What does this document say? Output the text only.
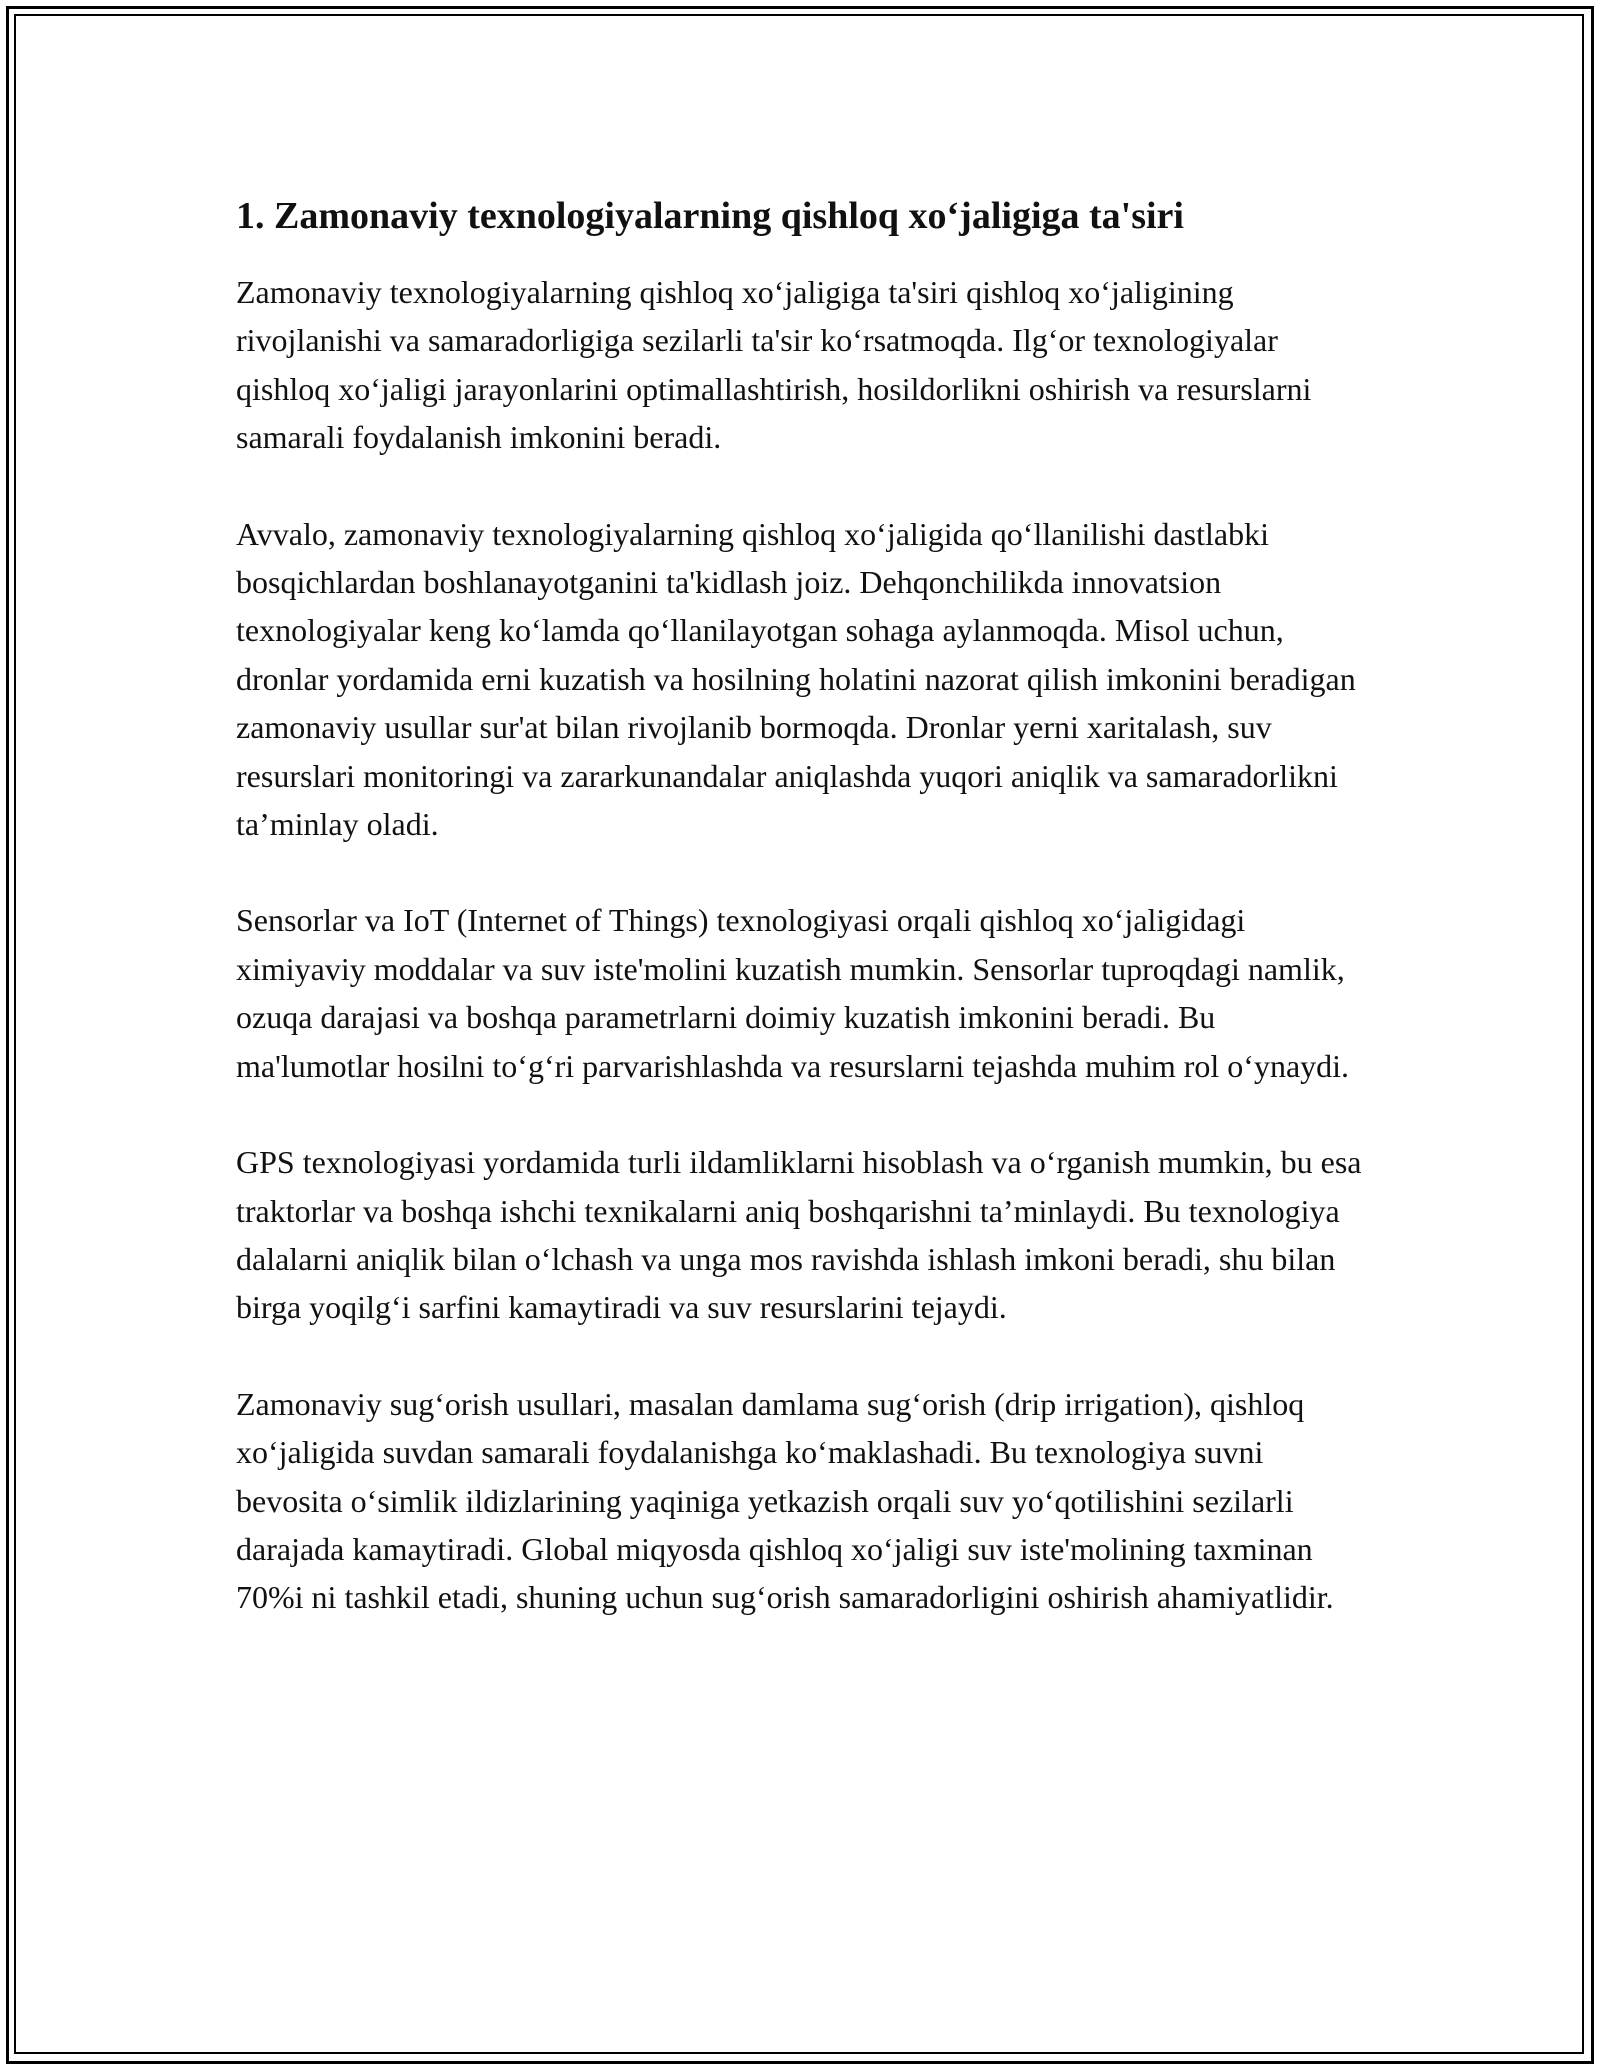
1. Zamonaviy texnologiyalarning qishloq xo‘jaligiga ta'siri

Zamonaviy texnologiyalarning qishloq xo‘jaligiga ta'siri qishloq xo‘jaligining rivojlanishi va samaradorligiga sezilarli ta'sir ko‘rsatmoqda. Ilg‘or texnologiyalar qishloq xo‘jaligi jarayonlarini optimallashtirish, hosildorlikni oshirish va resurslarni samarali foydalanish imkonini beradi.

Avvalo, zamonaviy texnologiyalarning qishloq xo‘jaligida qo‘llanilishi dastlabki bosqichlardan boshlanayotganini ta'kidlash joiz. Dehqonchilikda innovatsion texnologiyalar keng ko‘lamda qo‘llanilayotgan sohaga aylanmoqda. Misol uchun, dronlar yordamida erni kuzatish va hosilning holatini nazorat qilish imkonini beradigan zamonaviy usullar sur'at bilan rivojlanib bormoqda. Dronlar yerni xaritalash, suv resurslari monitoringi va zararkunandalar aniqlashda yuqori aniqlik va samaradorlikni ta’minlay oladi.

Sensorlar va IoT (Internet of Things) texnologiyasi orqali qishloq xo‘jaligidagi ximiyaviy moddalar va suv iste'molini kuzatish mumkin. Sensorlar tuproqdagi namlik, ozuqa darajasi va boshqa parametrlarni doimiy kuzatish imkonini beradi. Bu ma'lumotlar hosilni to‘g‘ri parvarishlashda va resurslarni tejashda muhim rol o‘ynaydi.

GPS texnologiyasi yordamida turli ildamliklarni hisoblash va o‘rganish mumkin, bu esa traktorlar va boshqa ishchi texnikalarni aniq boshqarishni ta’minlaydi. Bu texnologiya dalalarni aniqlik bilan o‘lchash va unga mos ravishda ishlash imkoni beradi, shu bilan birga yoqilg‘i sarfini kamaytiradi va suv resurslarini tejaydi.

Zamonaviy sug‘orish usullari, masalan damlama sug‘orish (drip irrigation), qishloq xo‘jaligida suvdan samarali foydalanishga ko‘maklashadi. Bu texnologiya suvni bevosita o‘simlik ildizlarining yaqiniga yetkazish orqali suv yo‘qotilishini sezilarli darajada kamaytiradi. Global miqyosda qishloq xo‘jaligi suv iste'molining taxminan 70%i ni tashkil etadi, shuning uchun sug‘orish samaradorligini oshirish ahamiyatlidir.
